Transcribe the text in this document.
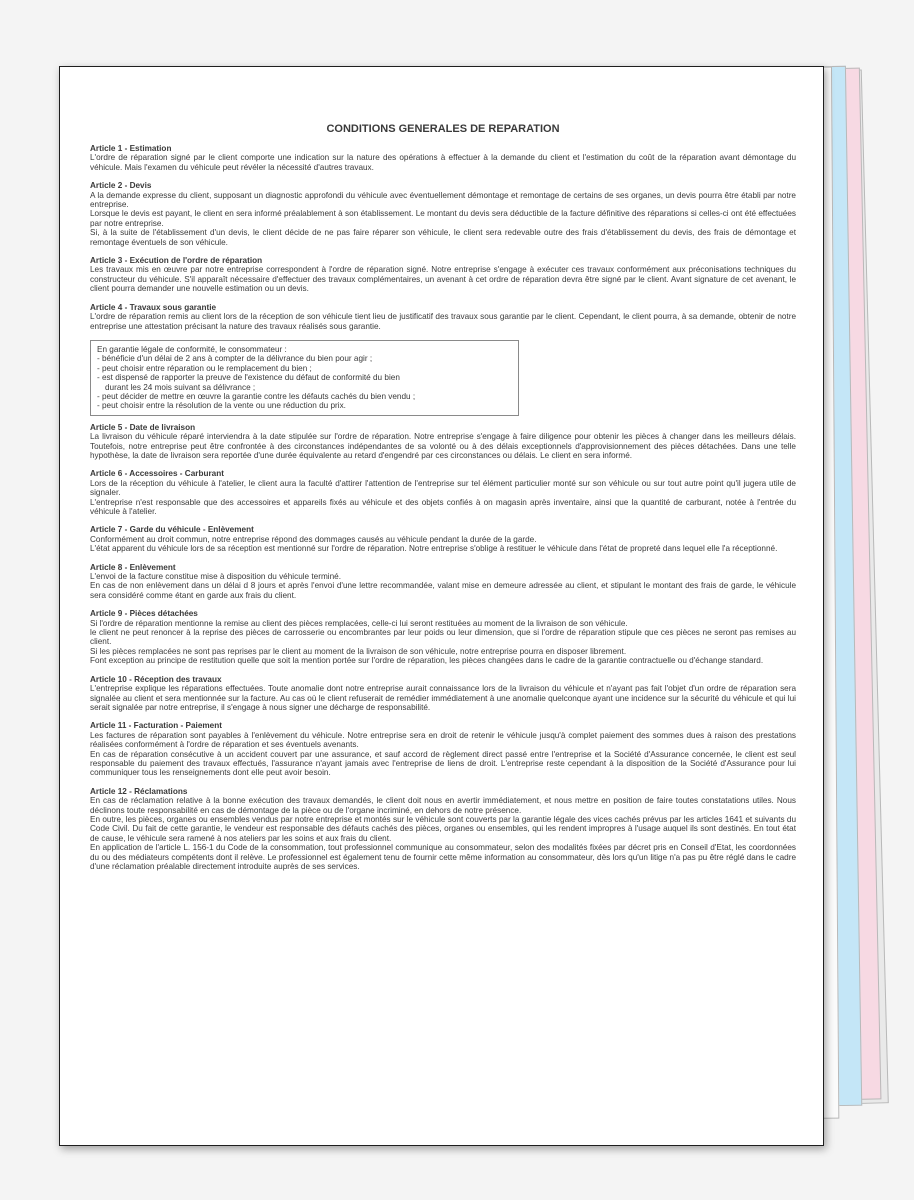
CONDITIONS GENERALES DE REPARATION
Article 1 - Estimation

L'ordre de réparation signé par le client comporte une indication sur la nature des opérations à effectuer à la demande du client et l'estimation du coût de la réparation avant démontage du véhicule. Mais l'examen du véhicule peut révéler la nécessité d'autres travaux.

Article 2 - Devis

A la demande expresse du client, supposant un diagnostic approfondi du véhicule avec éventuellement démontage et remontage de certains de ses organes, un devis pourra être établi par notre entreprise.

Lorsque le devis est payant, le client en sera informé préalablement à son établissement. Le montant du devis sera déductible de la facture définitive des réparations si celles-ci ont été effectuées par notre entreprise.

Si, à la suite de l'établissement d'un devis, le client décide de ne pas faire réparer son véhicule, le client sera redevable outre des frais d'établissement du devis, des frais de démontage et remontage éventuels de son véhicule.

Article 3 - Exécution de l'ordre de réparation

Les travaux mis en œuvre par notre entreprise correspondent à l'ordre de réparation signé. Notre entreprise s'engage à exécuter ces travaux conformément aux préconisations techniques du constructeur du véhicule. S'il apparaît nécessaire d'effectuer des travaux complémentaires, un avenant à cet ordre de réparation devra être signé par le client. Avant signature de cet avenant, le client pourra demander une nouvelle estimation ou un devis.

Article 4 - Travaux sous garantie

L'ordre de réparation remis au client lors de la réception de son véhicule tient lieu de justificatif des travaux sous garantie par le client. Cependant, le client pourra, à sa demande, obtenir de notre entreprise une attestation précisant la nature des travaux réalisés sous garantie.

En garantie légale de conformité, le consommateur :
- bénéficie d'un délai de 2 ans à compter de la délivrance du bien pour agir ;
- peut choisir entre réparation ou le remplacement du bien ;
- est dispensé de rapporter la preuve de l'existence du défaut de conformité du bien
durant les 24 mois suivant sa délivrance ;
- peut décider de mettre en œuvre la garantie contre les défauts cachés du bien vendu ;
- peut choisir entre la résolution de la vente ou une réduction du prix.
Article 5 - Date de livraison

La livraison du véhicule réparé interviendra à la date stipulée sur l'ordre de réparation. Notre entreprise s'engage à faire diligence pour obtenir les pièces à changer dans les meilleurs délais. Toutefois, notre entreprise peut être confrontée à des circonstances indépendantes de sa volonté ou à des délais exceptionnels d'approvisionnement des pièces détachées. Dans une telle hypothèse, la date de livraison sera reportée d'une durée équivalente au retard d'engendré par ces circonstances ou délais. Le client en sera informé.

Article 6 - Accessoires - Carburant

Lors de la réception du véhicule à l'atelier, le client aura la faculté d'attirer l'attention de l'entreprise sur tel élément particulier monté sur son véhicule ou sur tout autre point qu'il jugera utile de signaler.

L'entreprise n'est responsable que des accessoires et appareils fixés au véhicule et des objets confiés à on magasin après inventaire, ainsi que la quantité de carburant, notée à l'entrée du véhicule à l'atelier.

Article 7 - Garde du véhicule - Enlèvement

Conformément au droit commun, notre entreprise répond des dommages causés au véhicule pendant la durée de la garde.

L'état apparent du véhicule lors de sa réception est mentionné sur l'ordre de réparation. Notre entreprise s'oblige à restituer le véhicule dans l'état de propreté dans lequel elle l'a réceptionné.

Article 8 - Enlèvement

L'envoi de la facture constitue mise à disposition du véhicule terminé.

En cas de non enlèvement dans un délai d 8 jours et après l'envoi d'une lettre recommandée, valant mise en demeure adressée au client, et stipulant le montant des frais de garde, le véhicule sera considéré comme étant en garde aux frais du client.

Article 9 - Pièces détachées

Si l'ordre de réparation mentionne la remise au client des pièces remplacées, celle-ci lui seront restituées au moment de la livraison de son véhicule.

le client ne peut renoncer à la reprise des pièces de carrosserie ou encombrantes par leur poids ou leur dimension, que si l'ordre de réparation stipule que ces pièces ne seront pas remises au client.

Si les pièces remplacées ne sont pas reprises par le client au moment de la livraison de son véhicule, notre entreprise pourra en disposer librement.

Font exception au principe de restitution quelle que soit la mention portée sur l'ordre de réparation, les pièces changées dans le cadre de la garantie contractuelle ou d'échange standard.

Article 10 - Réception des travaux

L'entreprise explique les réparations effectuées. Toute anomalie dont notre entreprise aurait connaissance lors de la livraison du véhicule et n'ayant pas fait l'objet d'un ordre de réparation sera signalée au client et sera mentionnée sur la facture. Au cas où le client refuserait de remédier immédiatement à une anomalie quelconque ayant une incidence sur la sécurité du véhicule et qui lui serait signalée par notre entreprise, il s'engage à nous signer une décharge de responsabilité.

Article 11 - Facturation - Paiement

Les factures de réparation sont payables à l'enlèvement du véhicule. Notre entreprise sera en droit de retenir le véhicule jusqu'à complet paiement des sommes dues à raison des prestations réalisées conformément à l'ordre de réparation et ses éventuels avenants.

En cas de réparation consécutive à un accident couvert par une assurance, et sauf accord de règlement direct passé entre l'entreprise et la Société d'Assurance concernée, le client est seul responsable du paiement des travaux effectués, l'assurance n'ayant jamais avec l'entreprise de liens de droit. L'entreprise reste cependant à la disposition de la Société d'Assurance pour lui communiquer tous les renseignements dont elle peut avoir besoin.

Article 12 - Réclamations

En cas de réclamation relative à la bonne exécution des travaux demandés, le client doit nous en avertir immédiatement, et nous mettre en position de faire toutes constatations utiles. Nous déclinons toute responsabilité en cas de démontage de la pièce ou de l'organe incriminé, en dehors de notre présence.

En outre, les pièces, organes ou ensembles vendus par notre entreprise et montés sur le véhicule sont couverts par la garantie légale des vices cachés prévus par les articles 1641 et suivants du Code Civil. Du fait de cette garantie, le vendeur est responsable des défauts cachés des pièces, organes ou ensembles, qui les rendent impropres à l'usage auquel ils sont destinés. En tout état de cause, le véhicule sera ramené à nos ateliers par les soins et aux frais du client.

En application de l'article L. 156-1 du Code de la consommation, tout professionnel communique au consommateur, selon des modalités fixées par décret pris en Conseil d'Etat, les coordonnées du ou des médiateurs compétents dont il relève. Le professionnel est également tenu de fournir cette même information au consommateur, dès lors qu'un litige n'a pas pu être réglé dans le cadre d'une réclamation préalable directement introduite auprès de ses services.
